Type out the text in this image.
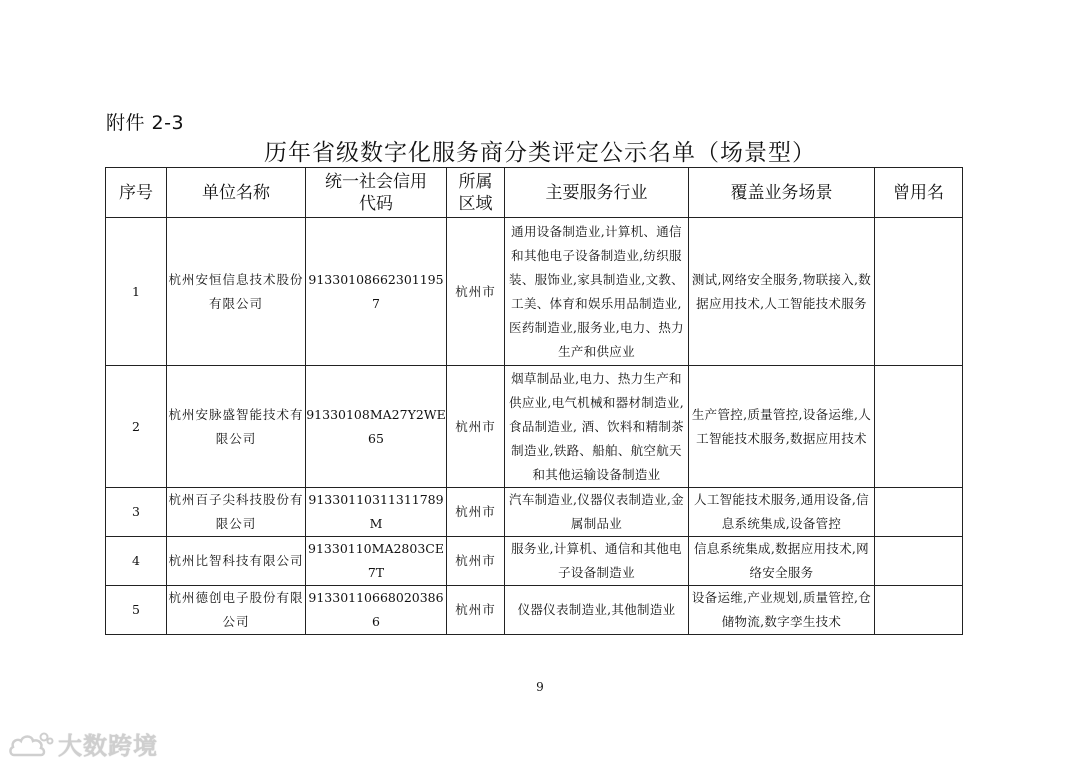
附件 2-3
历年省级数字化服务商分类评定公示名单（场景型）
序号	单位名称	统一社会信用代码	所属区域	主要服务行业	覆盖业务场景	曾用名
1	杭州安恒信息技术股份有限公司	913301086623011957	杭州市	通用设备制造业,计算机、通信和其他电子设备制造业,纺织服装、服饰业,家具制造业,文教、工美、体育和娱乐用品制造业,医药制造业,服务业,电力、热力生产和供应业	测试,网络安全服务,物联接入,数据应用技术,人工智能技术服务	
2	杭州安脉盛智能技术有限公司	91330108MA27Y2WE65	杭州市	烟草制品业,电力、热力生产和供应业,电气机械和器材制造业,食品制造业, 酒、饮料和精制茶制造业,铁路、船舶、航空航天和其他运输设备制造业	生产管控,质量管控,设备运维,人工智能技术服务,数据应用技术	
3	杭州百子尖科技股份有限公司	91330110311311789M	杭州市	汽车制造业,仪器仪表制造业,金属制品业	人工智能技术服务,通用设备,信息系统集成,设备管控	
4	杭州比智科技有限公司	91330110MA2803CE7T	杭州市	服务业,计算机、通信和其他电子设备制造业	信息系统集成,数据应用技术,网络安全服务	
5	杭州德创电子股份有限公司	913301106680203866	杭州市	仪器仪表制造业,其他制造业	设备运维,产业规划,质量管控,仓储物流,数字孪生技术	
9
大数跨境
